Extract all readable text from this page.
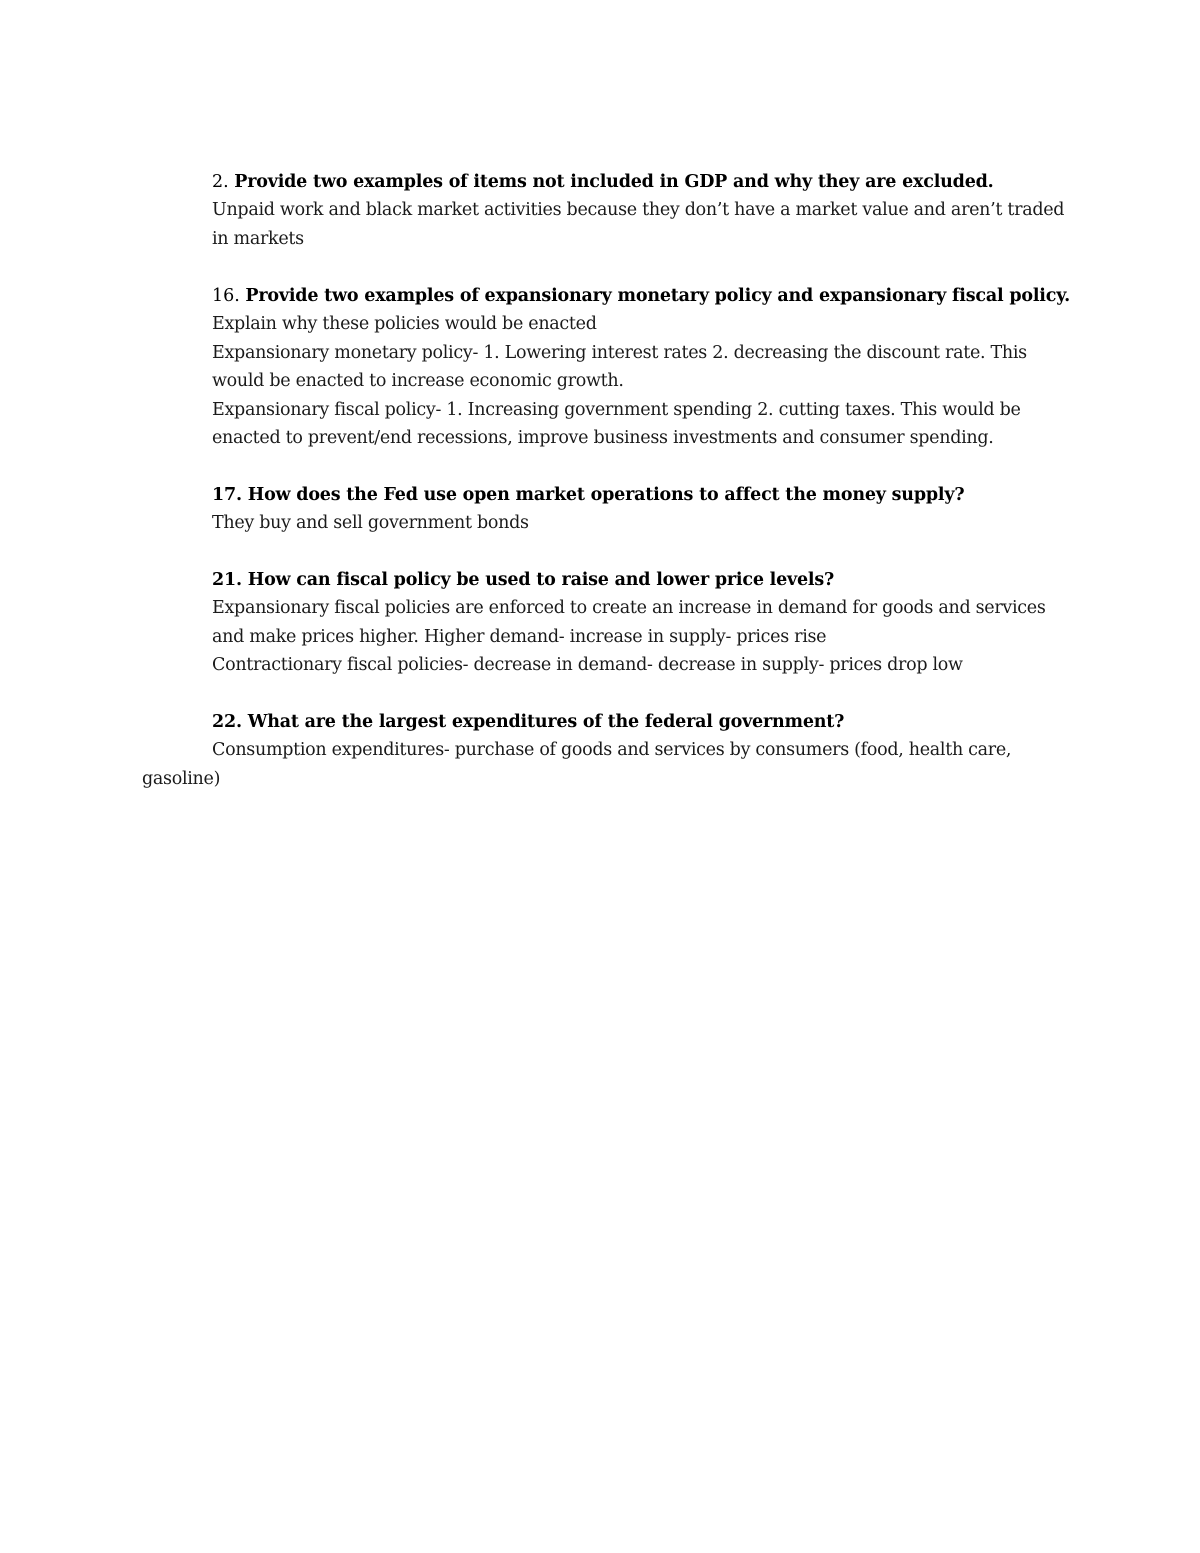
2. Provide two examples of items not included in GDP and why they are excluded.
Unpaid work and black market activities because they don’t have a market value and aren’t traded
in markets
16. Provide two examples of expansionary monetary policy and expansionary fiscal policy.
Explain why these policies would be enacted
Expansionary monetary policy- 1. Lowering interest rates 2. decreasing the discount rate. This
would be enacted to increase economic growth.
Expansionary fiscal policy- 1. Increasing government spending 2. cutting taxes. This would be
enacted to prevent/end recessions, improve business investments and consumer spending.
17. How does the Fed use open market operations to affect the money supply?
They buy and sell government bonds
21. How can fiscal policy be used to raise and lower price levels?
Expansionary fiscal policies are enforced to create an increase in demand for goods and services
and make prices higher. Higher demand- increase in supply- prices rise
Contractionary fiscal policies- decrease in demand- decrease in supply- prices drop low
22. What are the largest expenditures of the federal government?
Consumption expenditures- purchase of goods and services by consumers (food, health care,
gasoline)
